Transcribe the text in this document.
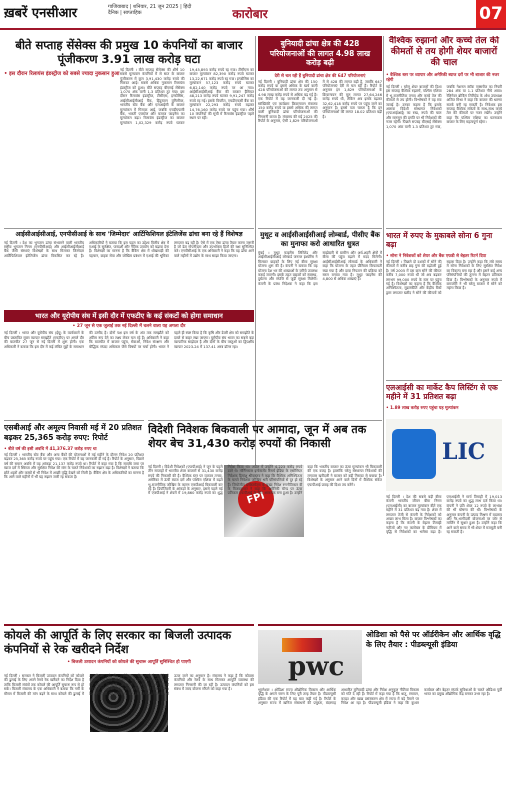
ख़बरें एनसीआर	गाजियाबाद | शनिवार, 21 जून 2025 | हिंदी दैनिक | साप्ताहिक	कारोबार	07
बीते सप्ताह सेंसेक्स की प्रमुख 10 कंपनियों का बाजार पूंजीकरण 3.91 लाख करोड़ घटा

• इस दौरान रिलायंस इंडस्ट्रीज को सबसे ज्यादा नुकसान हुआ

नई दिल्ली । बीते सप्ताह सेंसेक्स की शीर्ष 10 सबसे मूल्यवान कंपनियों में से सात के बाजार पूंजीकरण में कुल 3,91,430 करोड़ रुपये की गिरावट आई। सबसे अधिक नुकसान रिलायंस इंडस्ट्रीज को हुआ। बीते सप्ताह बीएसई सेंसेक्स 1,070 अंक यानी 1.3 प्रतिशत टूट गया। इस दौरान रिलायंस इंडस्ट्रीज, टीसीएस, इन्फोसिस, आईसीआईसीआई बैंक, हिंदुस्तान यूनिलीवर, भारतीय स्टेट बैंक और एलआईसी के बाजार मूल्यांकन में गिरावट आई, जबकि एचडीएफसी बैंक, भारती एयरटेल और बजाज फाइनेंस का मूल्यांकन बढ़ा। रिलायंस इंडस्ट्रीज का बाजार मूल्यांकन 1,02,329 करोड़ रुपये घटकर 19,45,893 करोड़ रुपये रह गया। टीसीएस का बाजार मूल्यांकन 82,390 करोड़ रुपये घटकर 13,22,671 करोड़ रुपये रह गया। इन्फोसिस का मूल्यांकन 57,123 करोड़ रुपये घटकर 6,82,140 करोड़ रुपये पर आ गया। आईसीआईसीआई बैंक की बाजार हैसियत 48,213 करोड़ रुपये घटकर 9,91,247 करोड़ रुपये रह गई। इसके विपरीत, एचडीएफसी बैंक का मूल्यांकन 22,293 करोड़ रुपये बढ़कर 14,76,160 करोड़ रुपये पर पहुंच गया। शीर्ष 10 कंपनियों की सूची में रिलायंस इंडस्ट्रीज पहले स्थान पर रही।

बुनियादी ढांचा क्षेत्र की 428 परियोजनाओं की लागत 4.98 लाख करोड़ बढ़ी

देरी से चल रही हैं बुनियादी ढांचा क्षेत्र की 647 परियोजनाएं

नई दिल्ली । बुनियादी ढांचा क्षेत्र की 150 करोड़ रुपये या इससे अधिक के खर्च वाली 428 परियोजनाओं की लागत तय अनुमान से 4.98 लाख करोड़ रुपये से अधिक बढ़ गई है। एक रिपोर्ट में यह जानकारी दी गई है। सांख्यिकी एवं कार्यक्रम क्रियान्वयन मंत्रालय 150 करोड़ रुपये या इससे अधिक की लागत वाली बुनियादी ढांचा परियोजनाओं की निगरानी करता है। मंत्रालय की मई 2025 की रिपोर्ट के अनुसार, ऐसी 1,829 परियोजनाओं में से 428 की लागत बढ़ी है, जबकि 647 परियोजनाएं देरी से चल रही हैं। रिपोर्ट के अनुसार इन 1,829 परियोजनाओं के क्रियान्वयन की मूल लागत 27,64,246 करोड़ रुपये थी, लेकिन अब इसके बढ़कर 32,62,418 करोड़ रुपये पर पहुंच जाने का अनुमान है। इससे पता चलता है कि इन परियोजनाओं की लागत 18.02 प्रतिशत बढ़ी है।

वैश्विक रुझानों और कच्चे तेल की कीमतों से तय होगी शेयर बाजारों की चाल

• वैश्विक स्तर पर व्यापार और अमेरिकी ब्याज दरों पर भी बाजार की नजर रहेगी

नई दिल्ली । घरेलू शेयर बाजारों की दिशा इस सप्ताह वैश्विक रुझानों, पश्चिम एशिया में भू-राजनीतिक तनाव और कच्चे तेल की कीमतों से तय होगी। विश्लेषकों ने यह राय जताई है। उनका कहना है कि इसके अलावा विदेशी संस्थागत निवेशकों (एफआईआई) का रुख, रुपये की चाल और मानसून की प्रगति पर भी निवेशकों की नजर रहेगी। पिछले सप्ताह बीएसई सेंसेक्स 1,070 अंक यानी 1.3 प्रतिशत टूट गया, जबकि नेशनल स्टॉक एक्सचेंज का निफ्टी 284 अंक या 1.1 प्रतिशत नीचे आया। रेलिगेयर ब्रोकिंग लिमिटेड के शोध उपाध्यक्ष अजित मिश्रा ने कहा कि बाजार की धारणा सतर्क बनी रह सकती है। निवेशक इस सप्ताह वैश्विक संकेतों के साथ-साथ कच्चे तेल की कीमतों पर नजर रखेंगे। उन्होंने कहा कि पश्चिम एशिया का घटनाक्रम बाजार के लिए महत्वपूर्ण रहेगा।

आईसीआईसीआई, एनपीसीआई के साथ 'जिम्मेदार' आर्टिफिशियल इंटेलिजेंस ढांचा बना रहे हैं विशेषज्ञ

नई दिल्ली । देश का भुगतान ढांचा संभालने वाली भारतीय राष्ट्रीय भुगतान निगम (एनपीसीआई) और आईसीआईसीआई बैंक जैसी संस्थाएं विशेषज्ञों के साथ मिलकर जिम्मेदार आर्टिफिशियल इंटेलिजेंस ढांचा विकसित कर रहे हैं। अधिकारियों ने बताया कि इस पहल का उद्देश्य वित्तीय क्षेत्र में एआई के सुरक्षित, पारदर्शी और नैतिक उपयोग को बढ़ावा देना है। विशेषज्ञों का मानना है कि बैंकिंग क्षेत्र में धोखाधड़ी की पहचान, ग्राहक सेवा और जोखिम प्रबंधन में एआई की भूमिका लगातार बढ़ रही है। ऐसे में एक ऐसा ढांचा तैयार करना जरूरी है जो डेटा गोपनीयता और उपभोक्ता हितों की रक्षा सुनिश्चित करे। एनपीसीआई के एक अधिकारी ने कहा कि यह ढांचा आने वाले महीनों में उद्योग के साथ साझा किया जाएगा।

भारत और यूरोपीय संघ में इसी दौर में एफटीए के कई संकटों को होगा समाधान

• 27 जून से एक जुलाई तक नई दिल्ली में चलने वाला यह अगला दौर

नई दिल्ली । भारत और यूरोपीय संघ (ईयू) के वार्ताकारों के बीच प्रस्तावित मुक्त व्यापार समझौते (एफटीए) पर अगले दौर की बातचीत 27 जून से नई दिल्ली में शुरू होगी। एक अधिकारी ने बताया कि इस दौर में कई लंबित मुद्दों के समाधान की उम्मीद है। दोनों पक्ष इस वर्ष के अंत तक समझौते को अंतिम रूप देने का लक्ष्य लेकर चल रहे हैं। अधिकारी ने कहा कि बातचीत में बाजार पहुंच, सेवाओं, निवेश संरक्षण और बौद्धिक संपदा अधिकार जैसे विषयों पर चर्चा होगी। भारत ने पहले ही स्पष्ट किया है कि कृषि और डेयरी क्षेत्र को समझौते के दायरे से बाहर रखा जाएगा। यूरोपीय संघ भारत का सबसे बड़ा व्यापारिक साझेदार है और दोनों के बीच वस्तुओं का द्विपक्षीय व्यापार 2023-24 में 137.41 अरब डॉलर रहा।

मुथूट व आईसीआईसीआई लोम्बार्ड, पीसीए बैंक का मुनाफा करो आधारित धुत्रत

मुंबई । मुथूट फाइनेंस लिमिटेड और आईसीआईसीआई लोम्बार्ड जनरल इंश्योरेंस ने मिलकर ग्राहकों के लिए नई बीमा सुरक्षा योजना शुरू की है। कंपनी ने बताया कि यह योजना देश भर की शाखाओं के जरिये उपलब्ध कराई जाएगी। इसके तहत ग्राहकों को स्वास्थ्य, दुर्घटना और संपत्ति से जुड़ी सुरक्षा मिलेगी। कंपनी के प्रबंध निदेशक ने कहा कि इस साझेदारी से ग्रामीण और अर्ध-शहरी क्षेत्रों में बीमा की पहुंच बढ़ाने में मदद मिलेगी। आईसीआईसीआई लोम्बार्ड के अधिकारी ने कहा कि योजना के तहत प्रीमियम किफायती रखा गया है और दावा निपटान की प्रक्रिया को सरल बनाया गया है। मुथूट फाइनेंस की 4,800 से अधिक शाखाएं हैं।

भारत में रुपए के मुकाबले सोना 6 गुना बढ़ा

• सोना ने निवेशकों को शेयर और बैंक एफडी से बेहतर रिटर्न दिया

नई दिल्ली । पिछले दो दशकों में सोने की कीमतों में करीब छह गुना की बढ़ोतरी हुई है। वर्ष 2005 में दस ग्राम सोने की कीमत करीब 7,000 रुपये थी जो अब बढ़कर लगभग 99,000 रुपये के स्तर पर पहुंच गई है। विशेषज्ञों का कहना है कि वैश्विक अनिश्चितता, मुद्रास्फीति और केंद्रीय बैंकों द्वारा लगातार खरीद ने सोने की कीमतों को सहारा दिया है। उन्होंने कहा कि लंबे समय में सोना निवेशकों के लिए सुरक्षित निवेश का विकल्प बना रहा है और इसने कई अन्य परिसंपत्तियों की तुलना में बेहतर प्रतिफल दिया है। विश्लेषकों के अनुसार रुपये में कमजोरी ने भी घरेलू बाजार में सोने को महंगा किया है।

एसबीआई और अमूल्य निवासी मई में 20 प्रतिशत बढ़कर 25,365 करोड़ रुपए: रिपोर्ट

• बीते वर्ष की इसी अवधि में 41,376.37 करोड़ रुपए था

नई दिल्ली । भारतीय स्टेट बैंक और अन्य बैंकों की योजनाओं में मई महीने के दौरान निवेश 20 प्रतिशत बढ़कर 25,365 करोड़ रुपये पर पहुंच गया। एक रिपोर्ट में यह जानकारी दी गई है। रिपोर्ट के अनुसार, पिछले वर्ष की समान अवधि में यह आंकड़ा 21,137 करोड़ रुपये था। रिपोर्ट में कहा गया है कि सावधि जमा पर ब्याज दरों में स्थिरता और सुरक्षित निवेश की मांग के चलते निवेशकों का रुझान बढ़ा है। विशेषज्ञों ने बताया कि छोटे शहरों और कस्बों से भी निवेश में अच्छी वृद्धि देखने को मिली है। बैंकिंग क्षेत्र के अधिकारियों का मानना है कि आने वाले महीनों में भी यह रुझान जारी रह सकता है।

विदेशी निवेशक बिकवाली पर आमादा, जून में अब तक शेयर बेच 31,430 करोड़ रुपयों की निकासी
FPI

नई दिल्ली । विदेशी निवेशकों (एफपीआई) ने जून के पहले तीन सप्ताहों में भारतीय शेयर बाजारों से 31,430 करोड़ रुपये की निकासी की है। वैश्विक स्तर पर व्यापार तनाव, अमेरिका में ऊंची ब्याज दरों और पश्चिम एशिया में बढ़ते भू-राजनीतिक जोखिम के कारण एफपीआई बिकवाली कर रहे हैं। डिपॉजिटरी के आंकड़ों के अनुसार, इससे पहले मई में एफपीआई ने शेयरों में 19,860 करोड़ रुपये का शुद्ध निवेश किया था। अप्रैल में उन्होंने 4,223 करोड़ रुपये डाले थे। मॉर्निंगस्टार इन्वेस्टमेंट रिसर्च इंडिया के एसोसिएट निदेशक हिमांशु श्रीवास्तव ने कहा कि वैश्विक अनिश्चितता के चलते निवेशक जोखिम भरी परिसंपत्तियों से दूर हो रहे हैं। जियोजीत इन्वेस्टमेंट्स के मुख्य निवेश रणनीतिकार वी के विजयकुमार ने कहा कि अमेरिकी बॉन्ड पर ऊंचा प्रतिफल एफपीआई के लिए आकर्षक बना हुआ है। उन्होंने कहा कि भारतीय बाजार का ऊंचा मूल्यांकन भी बिकवाली की एक वजह है। हालांकि घरेलू संस्थागत निवेशकों की लगातार खरीदारी ने बाजार को बड़ी गिरावट से बचाया है। विशेषज्ञों के अनुसार आने वाले दिनों में वैश्विक संकेत एफपीआई प्रवाह की दिशा तय करेंगे।

एलआईसी का मार्केट कैप लिस्टिंग से एक महीने में 31 प्रतिशत बढ़ा

• 1.89 लाख करोड़ रुपए पहुंचा यह मूल्यांकन

LIC

नई दिल्ली । देश की सबसे बड़ी बीमा कंपनी भारतीय जीवन बीमा निगम (एलआईसी) का बाजार मूल्यांकन बीते एक महीने में 31 प्रतिशत बढ़ गया है। शेयर में लगातार तेजी से कंपनी के निवेशकों को अच्छा लाभ मिला है। बाजार विश्लेषकों का कहना है कि कंपनी के बेहतर तिमाही नतीजों और नए कारोबार के प्रीमियम में वृद्धि से निवेशकों का भरोसा बढ़ा है। एलआईसी ने मार्च तिमाही में 19,013 करोड़ रुपये का शुद्ध लाभ दर्ज किया था। कंपनी ने प्रति शेयर 12 रुपये के लाभांश की भी घोषणा की थी। विश्लेषकों के अनुसार कंपनी के उत्पाद मिश्रण में बदलाव और गैर-भागीदारी योजनाओं पर जोर से मार्जिन में सुधार हुआ है। उन्होंने कहा कि आने वाले समय में भी शेयर में मजबूती बनी रह सकती है।

कोयले की आपूर्ति के लिए सरकार का बिजली उत्पादक कंपनियों से रेक खरीदने निर्देश

• बिजली उत्पादन कंपनियों को कोयले की सुचारू आपूर्ति सुनिश्चित हो पाएगी

नई दिल्ली । सरकार ने बिजली उत्पादन कंपनियों को कोयले की ढुलाई के लिए अपने रेलवे रेक खरीदने का निर्देश दिया है ताकि बिजली संयंत्रों तक कोयले की आपूर्ति सुचारू रूप से हो सके। बिजली मंत्रालय के एक अधिकारी ने बताया कि गर्मी के मौसम में बिजली की मांग बढ़ने के साथ कोयले की ढुलाई में अड़चनें आ रही थीं। उन्होंने कहा कि अपने रेक होने से कंपनियों को रेलवे पर निर्भरता कम होगी और आपूर्ति में देरी की समस्या दूर होगी। अधिकारी के अनुसार इससे बिजली संयंत्रों में कोयले का पर्याप्त भंडार बनाए रखने में मदद मिलेगी। देश में बिजली की अधिकतम मांग इस वर्ष 250 गीगावाट से ऊपर जाने का अनुमान है। मंत्रालय ने कहा है कि कोयला कंपनियों और रेलवे के साथ मिलकर आपूर्ति व्यवस्था की लगातार निगरानी की जा रही है। उत्पादन कंपनियों को इस संबंध में जल्द योजना सौंपने को कहा गया है।

pwc
ओडिशा को पैसे पर ऑर्डरीकेन और आर्थिक वृद्धि के लिए तैयार : पीडब्ल्यूसी इंडिया

भुवनेश्वर । ओडिशा राज्य औद्योगिक विकास और आर्थिक वृद्धि के अगले चरण के लिए पूरी तरह तैयार है। पीडब्ल्यूसी इंडिया की एक रिपोर्ट में यह बात कही गई है। रिपोर्ट के अनुसार राज्य में खनिज संसाधनों की प्रचुरता, बंदरगाह आधारित बुनियादी ढांचा और निवेश अनुकूल नीतियां विकास को गति दे रही हैं। रिपोर्ट में कहा गया है कि धातु, रसायन, कपड़ा और खाद्य प्रसंस्करण क्षेत्र में राज्य में बड़े पैमाने पर निवेश आ रहा है। पीडब्ल्यूसी इंडिया ने कहा कि कुशल कार्यबल और बेहतर संपर्क सुविधाओं के चलते ओडिशा पूर्वी भारत का प्रमुख औद्योगिक केंद्र बनकर उभर रहा है।
